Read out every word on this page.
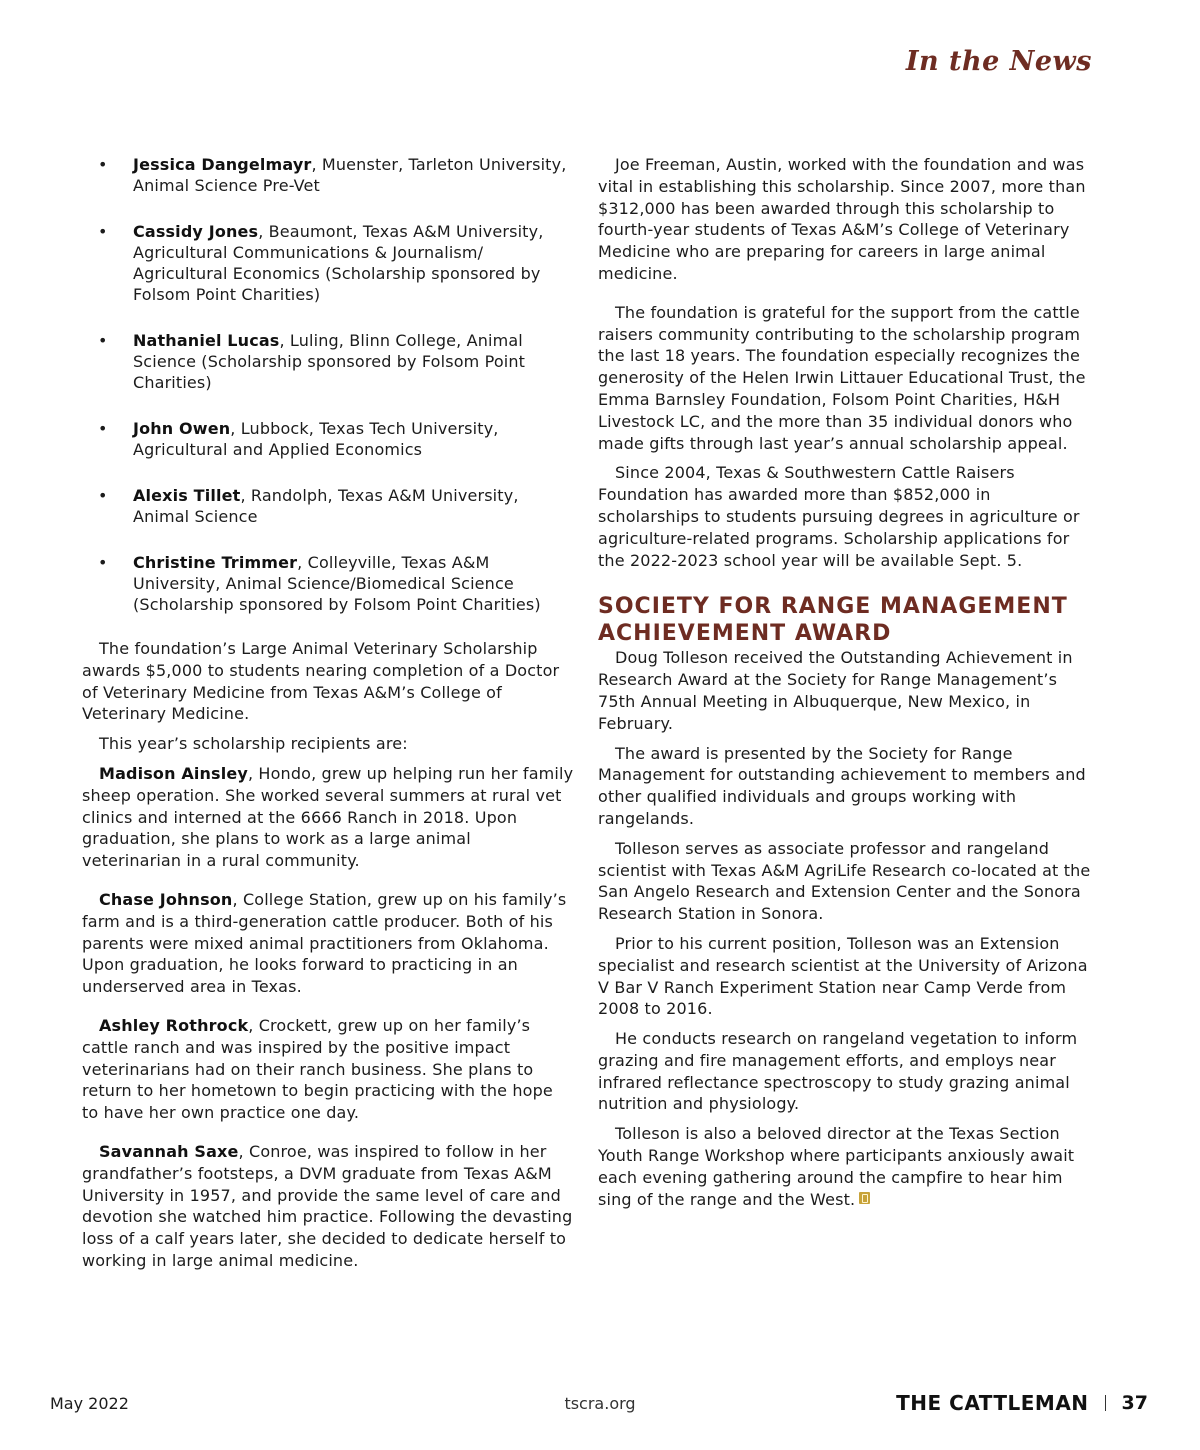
In the News
• Jessica Dangelmayr, Muenster, Tarleton University, Animal Science Pre-Vet
• Cassidy Jones, Beaumont, Texas A&M University, Agricultural Communications & Journalism/ Agricultural Economics (Scholarship sponsored by Folsom Point Charities)
• Nathaniel Lucas, Luling, Blinn College, Animal Science (Scholarship sponsored by Folsom Point Charities)
• John Owen, Lubbock, Texas Tech University, Agricultural and Applied Economics
• Alexis Tillet, Randolph, Texas A&M University, Animal Science
• Christine Trimmer, Colleyville, Texas A&M University, Animal Science/Biomedical Science (Scholarship sponsored by Folsom Point Charities)

The foundation’s Large Animal Veterinary Scholarship awards $5,000 to students nearing completion of a Doctor of Veterinary Medicine from Texas A&M’s College of Veterinary Medicine.

This year’s scholarship recipients are:

Madison Ainsley, Hondo, grew up helping run her family sheep operation. She worked several summers at rural vet clinics and interned at the 6666 Ranch in 2018. Upon graduation, she plans to work as a large animal veterinarian in a rural community.

Chase Johnson, College Station, grew up on his family’s farm and is a third-generation cattle producer. Both of his parents were mixed animal practitioners from Oklahoma. Upon graduation, he looks forward to practicing in an underserved area in Texas.

Ashley Rothrock, Crockett, grew up on her family’s cattle ranch and was inspired by the positive impact veterinarians had on their ranch business. She plans to return to her hometown to begin practicing with the hope to have her own practice one day.

Savannah Saxe, Conroe, was inspired to follow in her grandfather’s footsteps, a DVM graduate from Texas A&M University in 1957, and provide the same level of care and devotion she watched him practice. Following the devasting loss of a calf years later, she decided to dedicate herself to working in large animal medicine.

Joe Freeman, Austin, worked with the foundation and was vital in establishing this scholarship. Since 2007, more than $312,000 has been awarded through this scholarship to fourth-year students of Texas A&M’s College of Veterinary Medicine who are preparing for careers in large animal medicine.

The foundation is grateful for the support from the cattle raisers community contributing to the scholarship program the last 18 years. The foundation especially recognizes the generosity of the Helen Irwin Littauer Educational Trust, the Emma Barnsley Foundation, Folsom Point Charities, H&H Livestock LC, and the more than 35 individual donors who made gifts through last year’s annual scholarship appeal.

Since 2004, Texas & Southwestern Cattle Raisers Foundation has awarded more than $852,000 in scholarships to students pursuing degrees in agriculture or agriculture-related programs. Scholarship applications for the 2022-2023 school year will be available Sept. 5.

SOCIETY FOR RANGE MANAGEMENT
ACHIEVEMENT AWARD

Doug Tolleson received the Outstanding Achievement in Research Award at the Society for Range Management’s 75th Annual Meeting in Albuquerque, New Mexico, in February.

The award is presented by the Society for Range Management for outstanding achievement to members and other qualified individuals and groups working with rangelands.

Tolleson serves as associate professor and rangeland scientist with Texas A&M AgriLife Research co-located at the San Angelo Research and Extension Center and the Sonora Research Station in Sonora.

Prior to his current position, Tolleson was an Extension specialist and research scientist at the University of Arizona V Bar V Ranch Experiment Station near Camp Verde from 2008 to 2016.

He conducts research on rangeland vegetation to inform grazing and fire management efforts, and employs near infrared reflectance spectroscopy to study grazing animal nutrition and physiology.

Tolleson is also a beloved director at the Texas Section Youth Range Workshop where participants anxiously await each evening gathering around the campfire to hear him sing of the range and the West.

May 2022	tscra.org	THE CATTLEMAN 37
